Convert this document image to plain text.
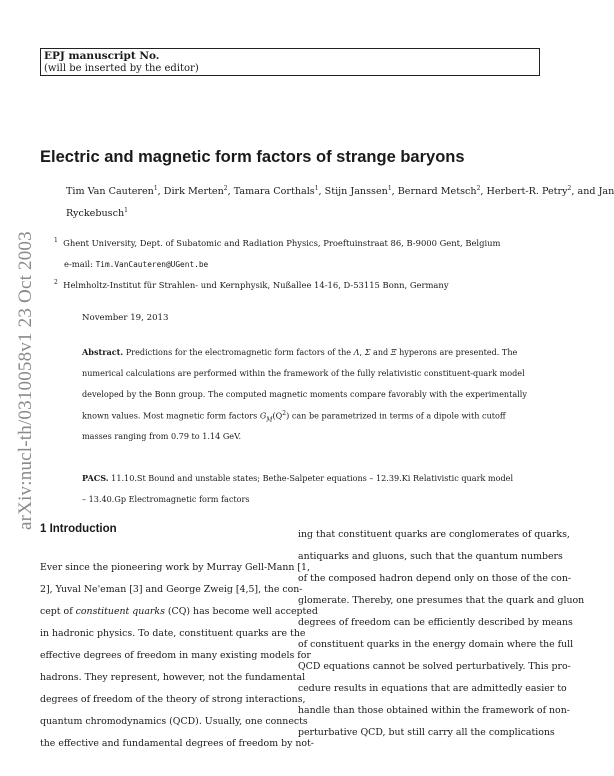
EPJ manuscript No.
(will be inserted by the editor)
arXiv:nucl-th/0310058v1 23 Oct 2003
Electric and magnetic form factors of strange baryons
Tim Van Cauteren$^1$, Dirk Merten$^2$, Tamara Corthals$^1$, Stijn Janssen$^1$, Bernard Metsch$^2$, Herbert-R. Petry$^2$, and Jan
Ryckebusch$^1$
$^1$ Ghent University, Dept. of Subatomic and Radiation Physics, Proeftuinstraat 86, B-9000 Gent, Belgium
e-mail: Tim.VanCauteren@UGent.be
$^2$ Helmholtz-Institut für Strahlen- und Kernphysik, Nußallee 14-16, D-53115 Bonn, Germany
November 19, 2013
Abstract. Predictions for the electromagnetic form factors of the Λ, Σ and Ξ hyperons are presented. The
numerical calculations are performed within the framework of the fully relativistic constituent-quark model
developed by the Bonn group. The computed magnetic moments compare favorably with the experimentally
known values. Most magnetic form factors $G_M(Q^2)$ can be parametrized in terms of a dipole with cutoff
masses ranging from 0.79 to 1.14 GeV.
PACS. 11.10.St Bound and unstable states; Bethe-Salpeter equations – 12.39.Ki Relativistic quark model
– 13.40.Gp Electromagnetic form factors
1 Introduction
Ever since the pioneering work by Murray Gell-Mann [1,
2], Yuval Ne'eman [3] and George Zweig [4,5], the con-
cept of constituent quarks (CQ) has become well accepted
in hadronic physics. To date, constituent quarks are the
effective degrees of freedom in many existing models for
hadrons. They represent, however, not the fundamental
degrees of freedom of the theory of strong interactions,
quantum chromodynamics (QCD). Usually, one connects
the effective and fundamental degrees of freedom by not-
ing that constituent quarks are conglomerates of quarks,
antiquarks and gluons, such that the quantum numbers
of the composed hadron depend only on those of the con-
glomerate. Thereby, one presumes that the quark and gluon
degrees of freedom can be efficiently described by means
of constituent quarks in the energy domain where the full
QCD equations cannot be solved perturbatively. This pro-
cedure results in equations that are admittedly easier to
handle than those obtained within the framework of non-
perturbative QCD, but still carry all the complications
